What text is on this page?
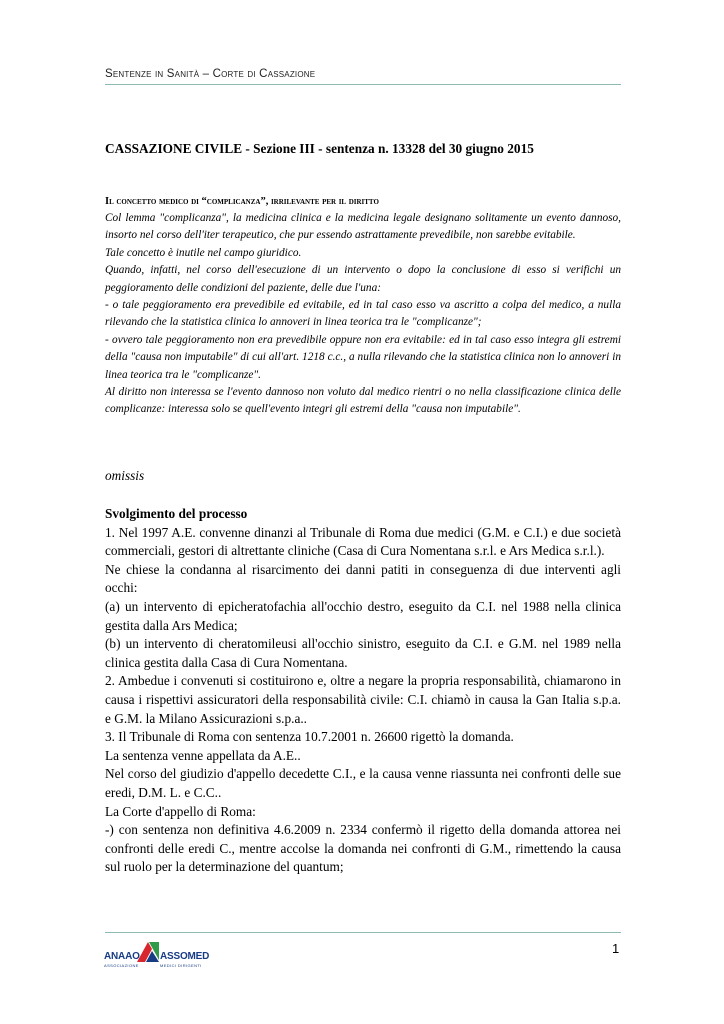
Sentenze in Sanità – Corte di Cassazione
CASSAZIONE CIVILE - Sezione III - sentenza n. 13328 del 30 giugno 2015
Il concetto medico di “complicanza”, irrilevante per il diritto

Col lemma "complicanza", la medicina clinica e la medicina legale designano solitamente un evento dannoso, insorto nel corso dell'iter terapeutico, che pur essendo astrattamente prevedibile, non sarebbe evitabile.

Tale concetto è inutile nel campo giuridico.

Quando, infatti, nel corso dell'esecuzione di un intervento o dopo la conclusione di esso si verifichi un peggioramento delle condizioni del paziente, delle due l'una:

- o tale peggioramento era prevedibile ed evitabile, ed in tal caso esso va ascritto a colpa del medico, a nulla rilevando che la statistica clinica lo annoveri in linea teorica tra le "complicanze";

- ovvero tale peggioramento non era prevedibile oppure non era evitabile: ed in tal caso esso integra gli estremi della "causa non imputabile" di cui all'art. 1218 c.c., a nulla rilevando che la statistica clinica non lo annoveri in linea teorica tra le "complicanze".

Al diritto non interessa se l'evento dannoso non voluto dal medico rientri o no nella classificazione clinica delle complicanze: interessa solo se quell'evento integri gli estremi della "causa non imputabile".

omissis
Svolgimento del processo

1. Nel 1997 A.E. convenne dinanzi al Tribunale di Roma due medici (G.M. e C.I.) e due società commerciali, gestori di altrettante cliniche (Casa di Cura Nomentana s.r.l. e Ars Medica s.r.l.).

Ne chiese la condanna al risarcimento dei danni patiti in conseguenza di due interventi agli occhi:

(a) un intervento di epicheratofachia all'occhio destro, eseguito da C.I. nel 1988 nella clinica gestita dalla Ars Medica;

(b) un intervento di cheratomileusi all'occhio sinistro, eseguito da C.I. e G.M. nel 1989 nella clinica gestita dalla Casa di Cura Nomentana.

2. Ambedue i convenuti si costituirono e, oltre a negare la propria responsabilità, chiamarono in causa i rispettivi assicuratori della responsabilità civile: C.I. chiamò in causa la Gan Italia s.p.a. e G.M. la Milano Assicurazioni s.p.a..

3. Il Tribunale di Roma con sentenza 10.7.2001 n. 26600 rigettò la domanda.

La sentenza venne appellata da A.E..

Nel corso del giudizio d'appello decedette C.I., e la causa venne riassunta nei confronti delle sue eredi, D.M. L. e C.C..

La Corte d'appello di Roma:

-) con sentenza non definitiva 4.6.2009 n. 2334 confermò il rigetto della domanda attorea nei confronti delle eredi C., mentre accolse la domanda nei confronti di G.M., rimettendo la causa sul ruolo per la determinazione del quantum;

ANAAO ASSOMED
ASSOCIAZIONE	MEDICI DIRIGENTI
1
